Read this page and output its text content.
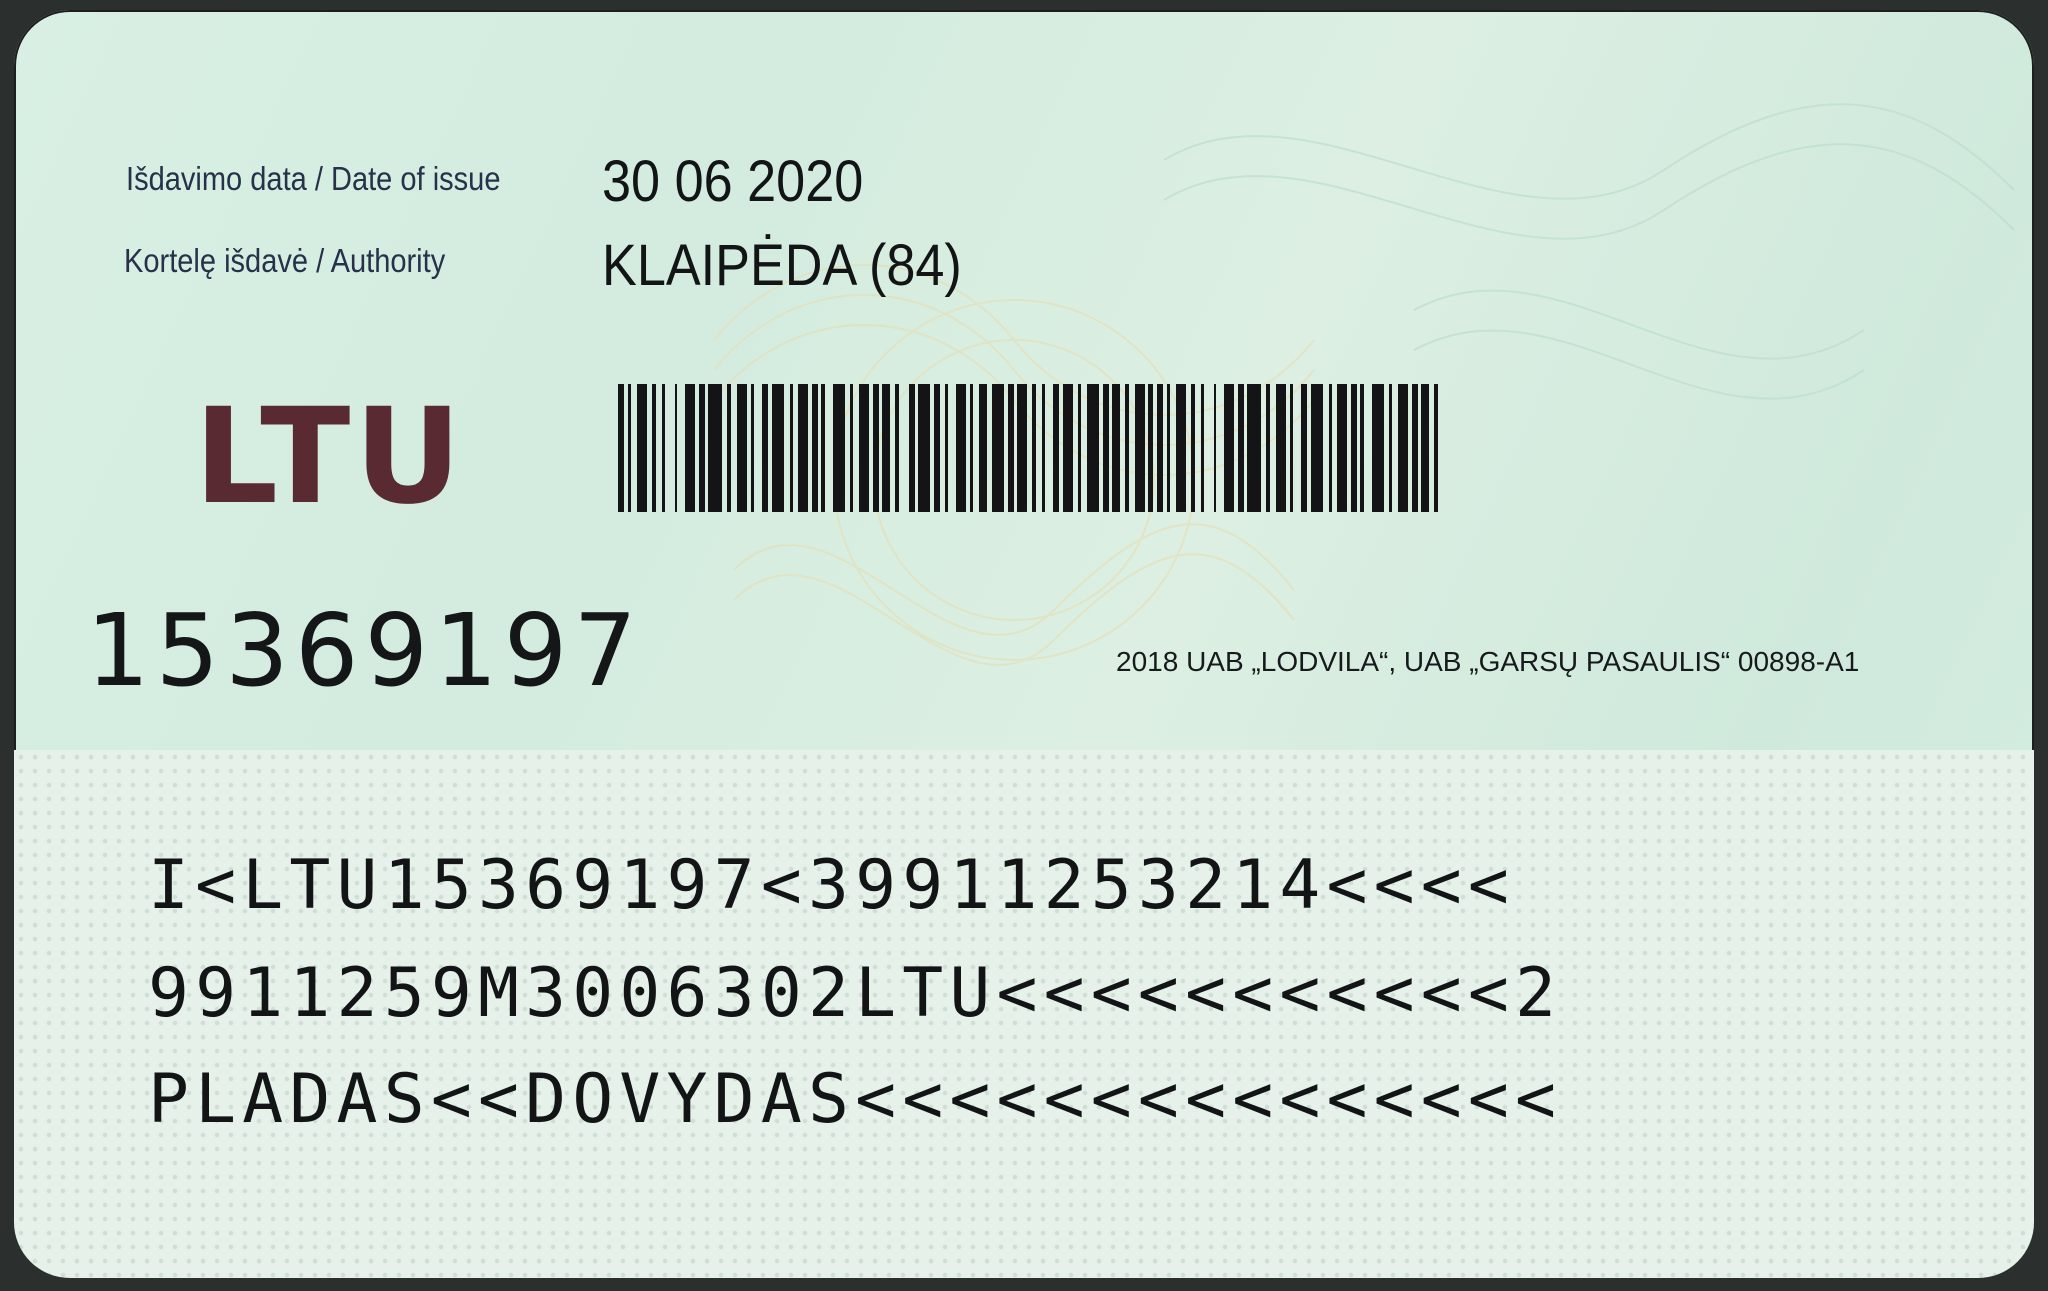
Išdavimo data / Date of issue 30 06 2020
Kortelę išdavė / Authority	KLAIPĖDA (84)
LTU
15369197	2018 UAB „LODVILA“, UAB „GARSŲ PASAULIS“ 00898-A1
I<LTU15369197<39911253214<<<<
9911259M3006302LTU<<<<<<<<<<<2
PLADAS<<DOVYDAS<<<<<<<<<<<<<<<
